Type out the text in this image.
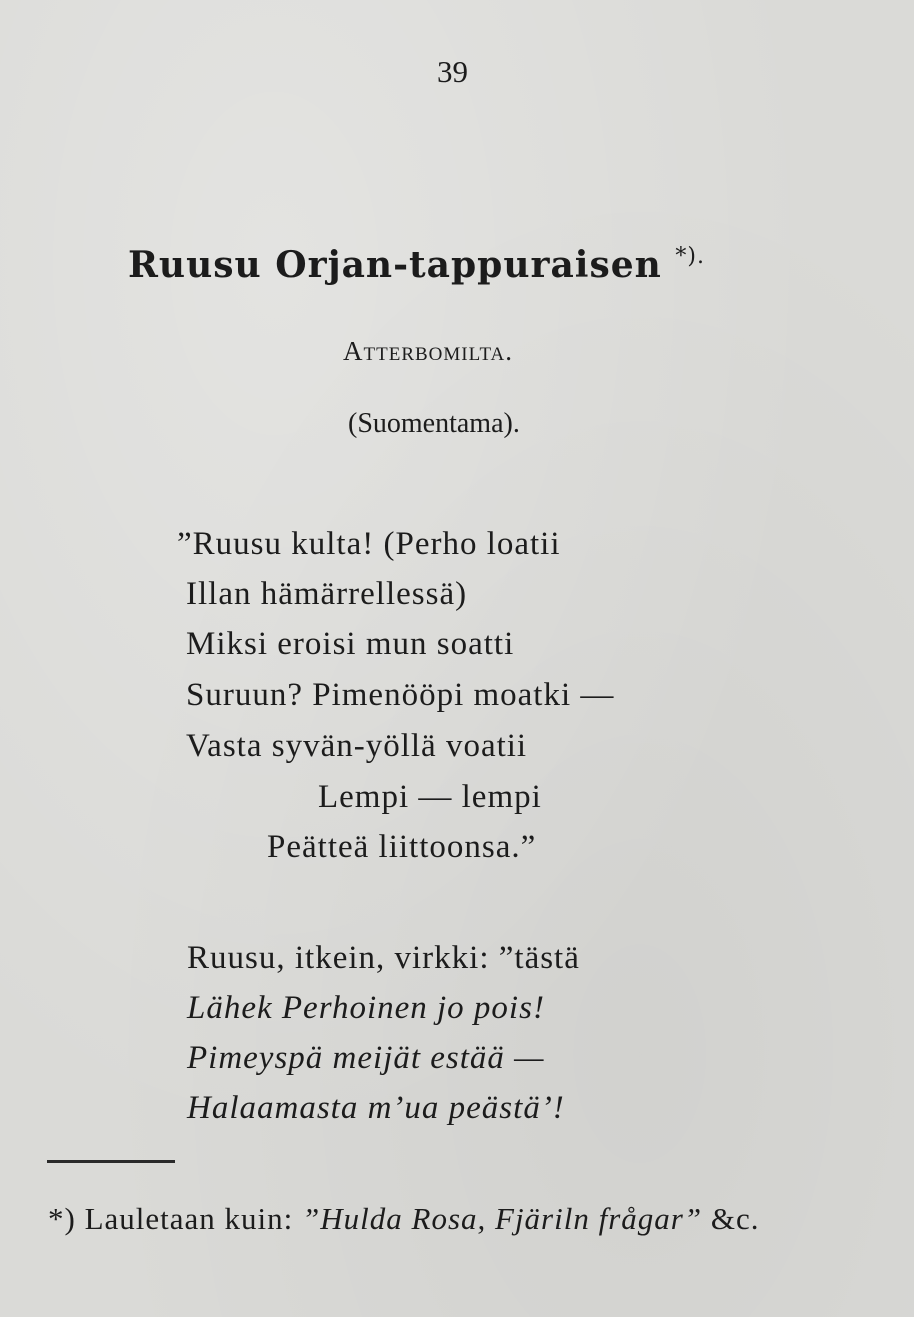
39
Ruusu Orjan-tappuraisen *).
Atterbomilta.
(Suomentama).
”Ruusu kulta! (Perho loatii
Illan hämärrellessä)
Miksi eroisi mun soatti
Suruun? Pimenööpi moatki —
Vasta syvän-yöllä voatii
Lempi — lempi
Peätteä liittoonsa.”
Ruusu, itkein, virkki: ”tästä
Lähek Perhoinen jo pois!
Pimeyspä meijät estää —
Halaamasta m’ua peästä’!
*) Lauletaan kuin: ”Hulda Rosa, Fjäriln frågar” &c.
